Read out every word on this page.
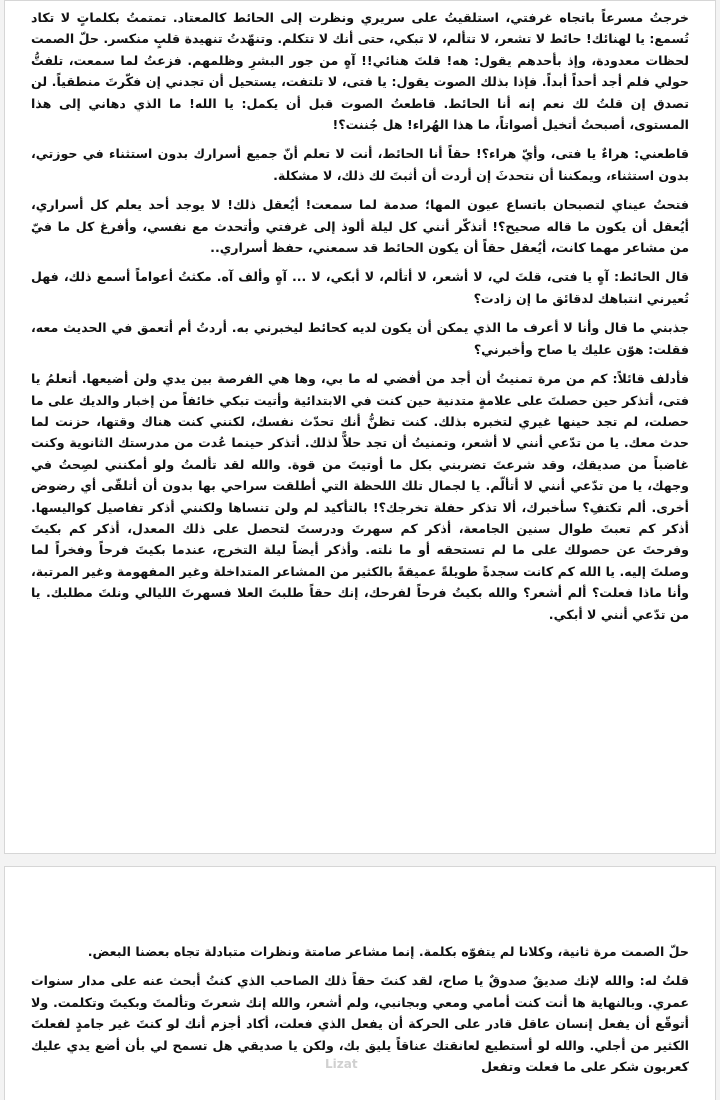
خرجتُ مسرعاً باتجاه غرفتي، استلقيتُ على سريري ونظرت إلى الحائط كالمعتاد. تمتمتُ بكلماتٍ لا تكاد تُسمع: يا لهنائك! حائط لا تشعر، لا تتألم، لا تبكي، حتى أنك لا تتكلم. وتنهّدتُ تنهيدة قلبٍ منكسر. حلّ الصمت لحظات معدودة، وإذ بأحدهم يقول: هه! قلتَ هنائي!! آهٍ من جور البشرِ وظلمهم. فزعتُ لما سمعت، تلفتُّ حولي فلم أجد أحداً أبداً. فإذا بذلك الصوت يقول: يا فتى، لا تلتفت، يستحيل أن تجدني إن فكّرتَ منطقياً. لن تصدق إن قلتُ لك نعم إنه أنا الحائط. قاطعتُ الصوت قبل أن يكمل: يا الله! ما الذي دهاني إلى هذا المستوى، أصبحتُ أتخيل أصواتاً، ما هذا الهُراء! هل جُننت؟!

قاطعني: هراءٌ يا فتى، وأيّ هراء؟! حقاً أنا الحائط، أنت لا تعلم أنّ جميع أسرارك بدون استثناء في حوزتي، بدون استثناء، ويمكننا أن نتحدثَ إن أردت أن أثبتَ لك ذلك، لا مشكلة.

فتحتُ عيناي لتصبحان باتساع عيون المها؛ صدمة لما سمعت! أيُعقل ذلك! لا يوجد أحد يعلم كل أسراري، أيُعقل أن يكون ما قاله صحيح؟! أتذكّر أنني كل ليلة ألوذ إلى غرفتي وأتحدث مع نفسي، وأفرغ كل ما فيّ من مشاعر مهما كانت، أيُعقل حقاً أن يكون الحائط قد سمعني، حفظ أسراري..

قال الحائط: آهٍ يا فتى، قلتَ لي، لا أشعر، لا أتألم، لا أبكي، لا ... آهٍ وألف آه. مكثتُ أعواماً أسمع ذلك، فهل تُعيرني انتباهك لدقائق ما إن زادت؟

جذبني ما قال وأنا لا أعرف ما الذي يمكن أن يكون لديه كحائط ليخبرني به. أردتُ أم أتعمق في الحديث معه، فقلت: هوّن عليك يا صاح وأخبرني؟

فأدلف قائلاً: كم من مرة تمنيتُ أن أجد من أفضي له ما بي، وها هي الفرصة بين يدي ولن أضيعها. أتعلمُ يا فتى، أتذكر حين حصلتَ على علامةٍ متدنية حين كنت في الابتدائية وأتيت تبكي خائفاً من إخبار والديك على ما حصلت، لم تجد حينها غيري لتخبره بذلك. كنت تظنُّ أنك تحدّث نفسك، لكنني كنت هناك وقتها، حزنت لما حدث معك. يا من تدّعي أنني لا أشعر، وتمنيتُ أن تجد حلاًّ لذلك. أتذكر حينما عُدت من مدرستك الثانوية وكنت غاضباً من صديقك، وقد شرعتَ تضربني بكل ما أوتيتَ من قوة. والله لقد تألمتُ ولو أمكنني لصِحتُ في وجهك، يا من تدّعي أنني لا أتألّم. يا لجمال تلك اللحظة التي أطلقت سراحي بها بدون أن أتلقّى أي رضوض أخرى. ألم تكتفِ؟ سأخبرك، ألا تذكر حفلة تخرجك؟! بالتأكيد لم ولن تنساها ولكنني أذكر تفاصيل كواليسها. أذكر كم تعبتَ طوال سنين الجامعة، أذكر كم سهرتَ ودرستَ لتحصل على ذلك المعدل، أذكر كم بكيتَ وفرحتَ عن حصولك على ما لم تستحقه أو ما نلته. وأذكر أيضاً ليلة التخرج، عندما بكيتَ فرحاً وفخراً لما وصلتَ إليه. يا الله كم كانت سجدةً طويلةً عميقةً بالكثير من المشاعر المتداخلة وغير المفهومة وغير المرتبة، وأنا ماذا فعلت؟ ألم أشعر؟ والله بكيتُ فرحاً لفرحك، إنك حقاً طلبتَ العلا فسهرتَ الليالي ونلتَ مطلبك. يا من تدّعي أنني لا أبكي.

حلّ الصمت مرة ثانية، وكلانا لم يتفوّه بكلمة. إنما مشاعر صامتة ونظرات متبادلة تجاه بعضنا البعض.

قلتُ له: والله لإنك صديقٌ صدوقٌ يا صاح، لقد كنتَ حقاً ذلك الصاحب الذي كنتُ أبحث عنه على مدار سنوات عمري. وبالنهاية ها أنت كنت أمامي ومعي وبجانبي، ولم أشعر، والله إنك شعرتَ وتألمتَ وبكيتَ وتكلمت. ولا أتوقّع أن يفعل إنسان عاقل قادر على الحركة أن يفعل الذي فعلت، أكاد أجزم أنك لو كنتَ غير جامدٍ لفعلتَ الكثير من أجلي. والله لو أستطيع لعانقتك عناقاً يليق بك، ولكن يا صديقي هل تسمح لي بأن أضع يدي عليك كعربون شكر على ما فعلت وتفعل

Lizat
